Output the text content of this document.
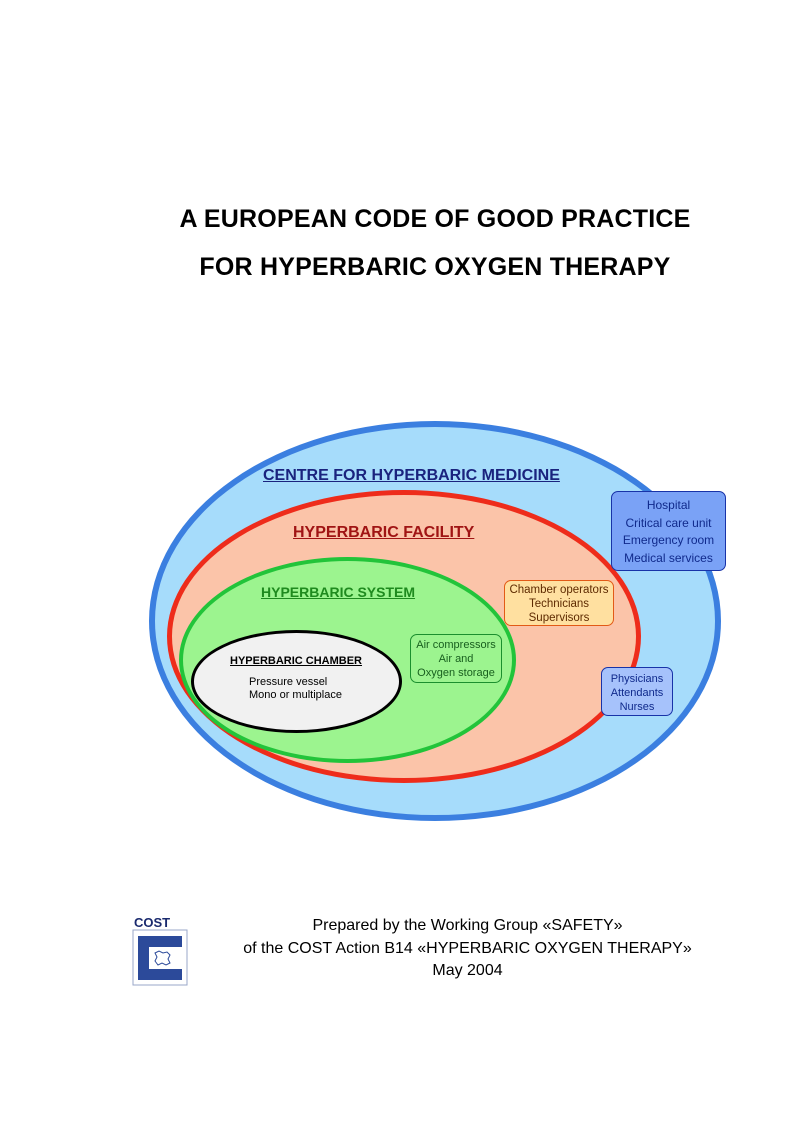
A EUROPEAN CODE OF GOOD PRACTICE
FOR HYPERBARIC OXYGEN THERAPY
CENTRE FOR HYPERBARIC MEDICINE
HYPERBARIC FACILITY
HYPERBARIC SYSTEM
HYPERBARIC CHAMBER
Pressure vessel
Mono or multiplace
Hospital
Critical care unit
Emergency room
Medical services
Chamber operators
Technicians
Supervisors
Air compressors
Air and
Oxygen storage	Physicians
Attendants
Nurses
COST	Prepared by the Working Group «SAFETY»
of the COST Action B14 «HYPERBARIC OXYGEN THERAPY»
May 2004
